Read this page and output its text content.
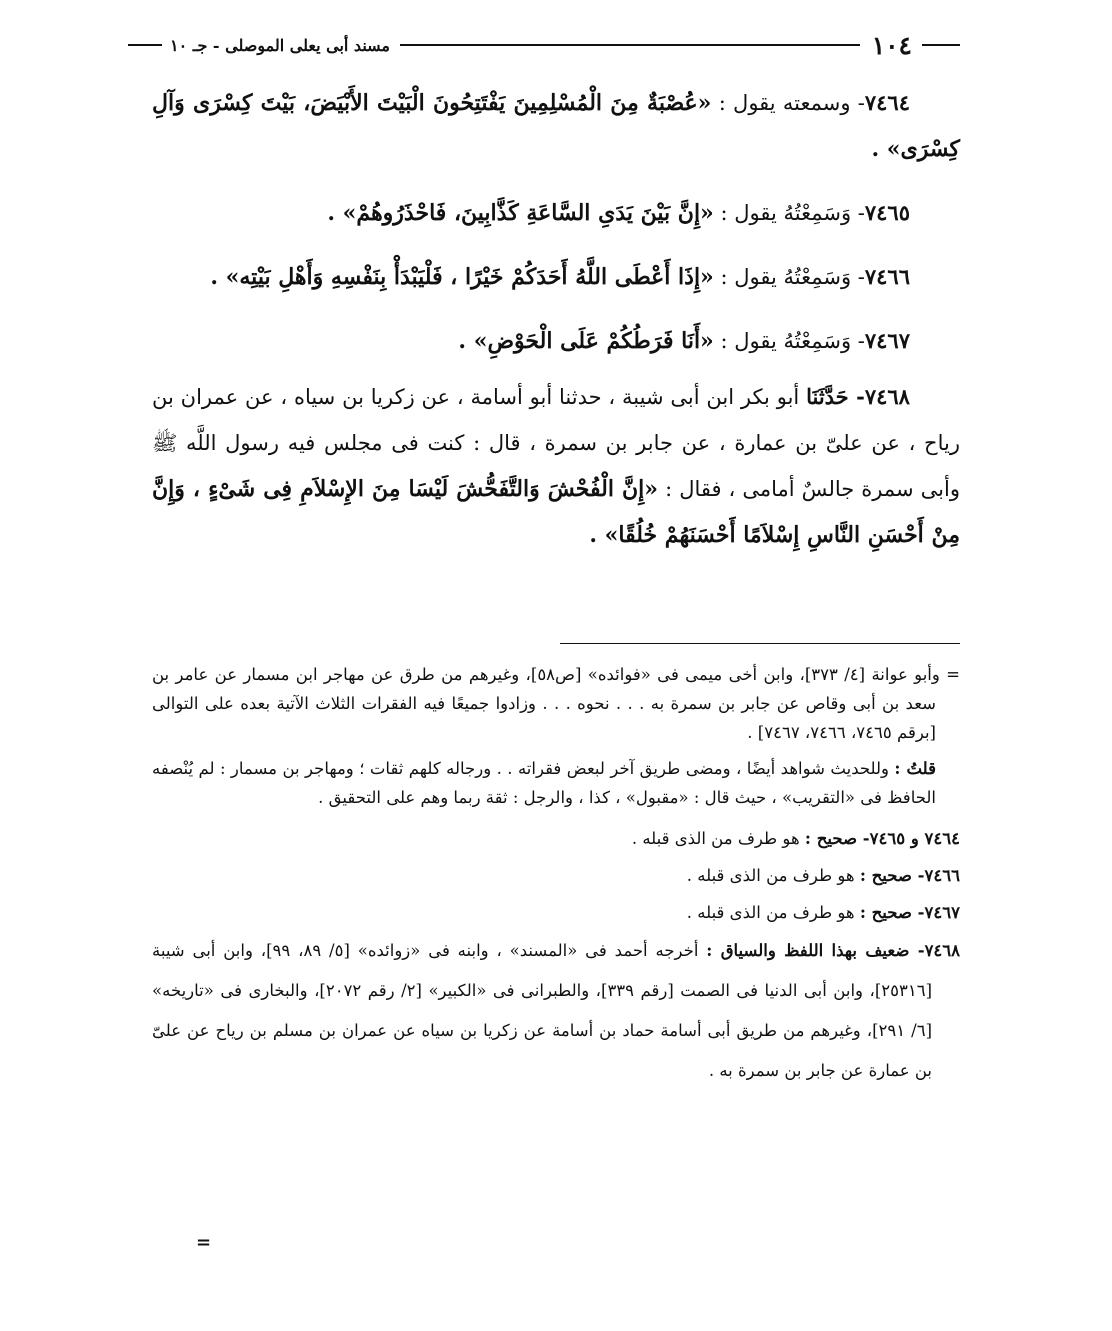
١٠٤
مسند أبى يعلى الموصلى - جـ ١٠

٧٤٦٤- وسمعته يقول : «عُصْبَةٌ مِنَ الْمُسْلِمِينَ يَفْتَتِحُونَ الْبَيْتَ الأَبْيَضَ، بَيْتَ كِسْرَى وَآلِ كِسْرَى» .

٧٤٦٥- وَسَمِعْتُهُ يقول : «إِنَّ بَيْنَ يَدَىِ السَّاعَةِ كَذَّابِينَ، فَاحْذَرُوهُمْ» .

٧٤٦٦- وَسَمِعْتُهُ يقول : «إِذَا أَعْطَى اللَّهُ أَحَدَكُمْ خَيْرًا ، فَلْيَبْدَأْ بِنَفْسِهِ وَأَهْلِ بَيْتِه» .

٧٤٦٧- وَسَمِعْتُهُ يقول : «أَنَا فَرَطُكُمْ عَلَى الْحَوْضِ» .

٧٤٦٨- حَدَّثَنَا أبو بكر ابن أبى شيبة ، حدثنا أبو أسامة ، عن زكريا بن سياه ، عن عمران بن رياح ، عن علىّ بن عمارة ، عن جابر بن سمرة ، قال : كنت فى مجلس فيه رسول اللَّه ﷺ وأبى سمرة جالسٌ أمامى ، فقال : «إِنَّ الْفُحْشَ وَالتَّفَحُّشَ لَيْسَا مِنَ الإِسْلاَمِ فِى شَىْءٍ ، وَإِنَّ مِنْ أَحْسَنِ النَّاسِ إِسْلاَمًا أَحْسَنَهُمْ خُلُقًا» .

= وأبو عوانة [٤/ ٣٧٣]، وابن أخى ميمى فى «فوائده» [ص٥٨]، وغيرهم من طرق عن مهاجر ابن مسمار عن عامر بن سعد بن أبى وقاص عن جابر بن سمرة به . . . نحوه . . . وزادوا جميعًا فيه الفقرات الثلاث الآتية بعده على التوالى [برقم ٧٤٦٥، ٧٤٦٦، ٧٤٦٧] .

قلتُ : وللحديث شواهد أيضًا ، ومضى طريق آخر لبعض فقراته . . ورجاله كلهم ثقات ؛ ومهاجر بن مسمار : لم يُنْصفه الحافظ فى «التقريب» ، حيث قال : «مقبول» ، كذا ، والرجل : ثقة ربما وهم على التحقيق .

٧٤٦٤ و ٧٤٦٥- صحيح : هو طرف من الذى قبله .

٧٤٦٦- صحيح : هو طرف من الذى قبله .

٧٤٦٧- صحيح : هو طرف من الذى قبله .

٧٤٦٨- ضعيف بهذا اللفظ والسياق : أخرجه أحمد فى «المسند» ، وابنه فى «زوائده» [٥/ ٨٩، ٩٩]، وابن أبى شيبة [٢٥٣١٦]، وابن أبى الدنيا فى الصمت [رقم ٣٣٩]، والطبرانى فى «الكبير» [٢/ رقم ٢٠٧٢]، والبخارى فى «تاريخه» [٦/ ٢٩١]، وغيرهم من طريق أبى أسامة حماد بن أسامة عن زكريا بن سياه عن عمران بن مسلم بن رياح عن علىّ بن عمارة عن جابر بن سمرة به .

=
